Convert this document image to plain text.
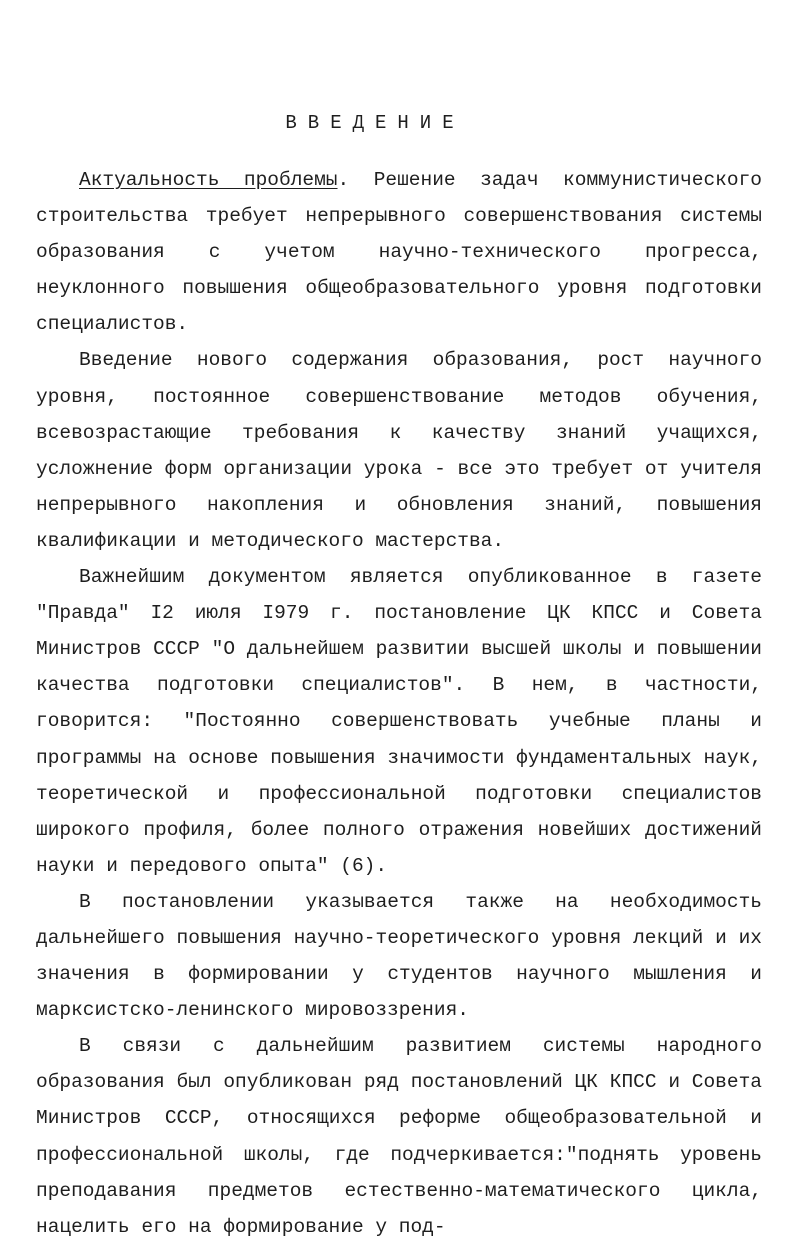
ВВЕДЕНИЕ

Актуальность проблемы. Решение задач коммунистического строительства требует непрерывного совершенствования системы образования с учетом научно-технического прогресса, неуклонного повышения общеобразовательного уровня подготовки специалистов.

Введение нового содержания образования, рост научного уровня, постоянное совершенствование методов обучения, всевозрастающие требования к качеству знаний учащихся, усложнение форм организации урока - все это требует от учителя непрерывного накопления и обновления знаний, повышения квалификации и методического мастерства.

Важнейшим документом является опубликованное в газете "Правда" I2 июля I979 г. постановление ЦК КПСС и Совета Министров СССР "О дальнейшем развитии высшей школы и повышении качества подготовки специалистов". В нем, в частности, говорится: "Постоянно совершенствовать учебные планы и программы на основе повышения значимости фундаментальных наук, теоретической и профессиональной подготовки специалистов широкого профиля, более полного отражения новейших достижений науки и передового опыта" (6).

В постановлении указывается также на необходимость дальнейшего повышения научно-теоретического уровня лекций и их значения в формировании у студентов научного мышления и марксистско-ленинского мировоззрения.

В связи с дальнейшим развитием системы народного образования был опубликован ряд постановлений ЦК КПСС и Совета Министров СССР, относящихся реформе общеобразовательной и профессиональной школы, где подчеркивается:"поднять уровень преподавания предметов естественно-математического цикла, нацелить его на формирование у под-
